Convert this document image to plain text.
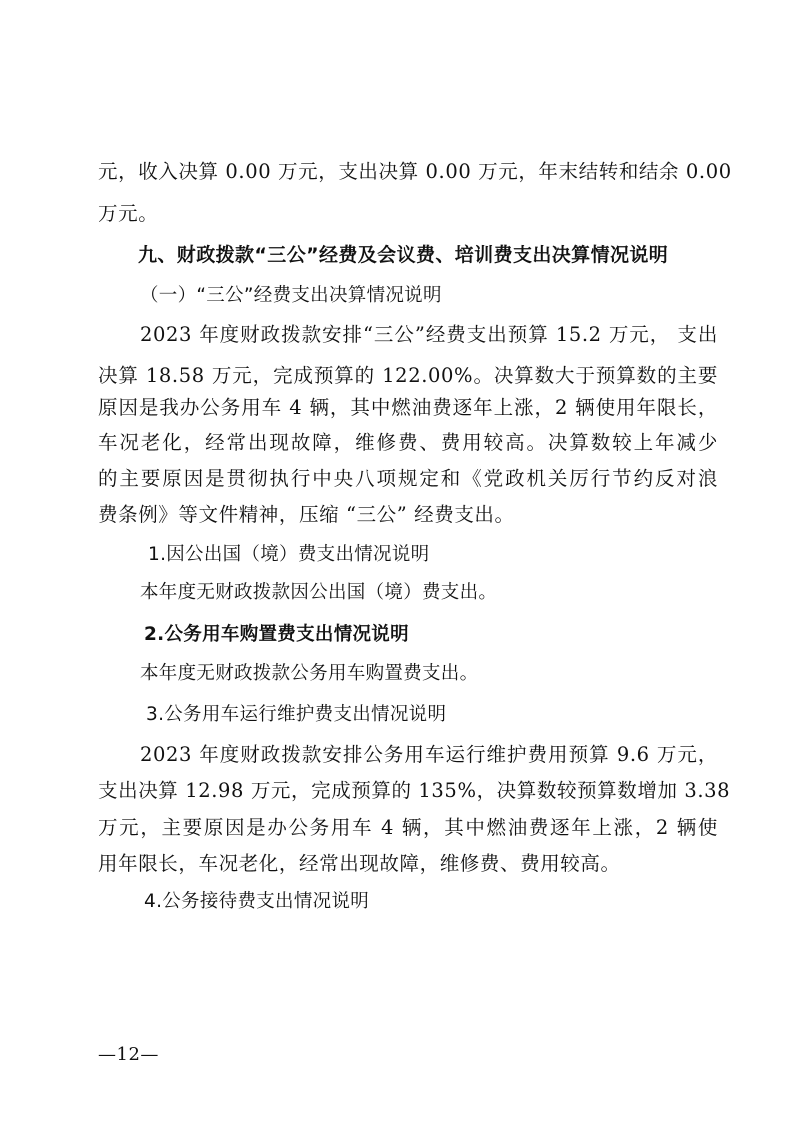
元，收入决算 0.00 万元，支出决算 0.00 万元，年末结转和结余 0.00
万元。
九、财政拨款“三公”经费及会议费、培训费支出决算情况说明
（一）“三公”经费支出决算情况说明
2023 年度财政拨款安排“三公”经费支出预算 15.2 万元， 支出
决算 18.58 万元，完成预算的 122.00%。决算数大于预算数的主要
原因是我办公务用车 4 辆，其中燃油费逐年上涨，2 辆使用年限长，
车况老化，经常出现故障，维修费、费用较高。决算数较上年减少
的主要原因是贯彻执行中央八项规定和《党政机关厉行节约反对浪
费条例》等文件精神，压缩 “三公” 经费支出。
1.因公出国（境）费支出情况说明
本年度无财政拨款因公出国（境）费支出。
2.公务用车购置费支出情况说明
本年度无财政拨款公务用车购置费支出。
3.公务用车运行维护费支出情况说明
2023 年度财政拨款安排公务用车运行维护费用预算 9.6 万元，
支出决算 12.98 万元，完成预算的 135%，决算数较预算数增加 3.38
万元，主要原因是办公务用车 4 辆，其中燃油费逐年上涨，2 辆使
用年限长，车况老化，经常出现故障，维修费、费用较高。
4.公务接待费支出情况说明
—12—
